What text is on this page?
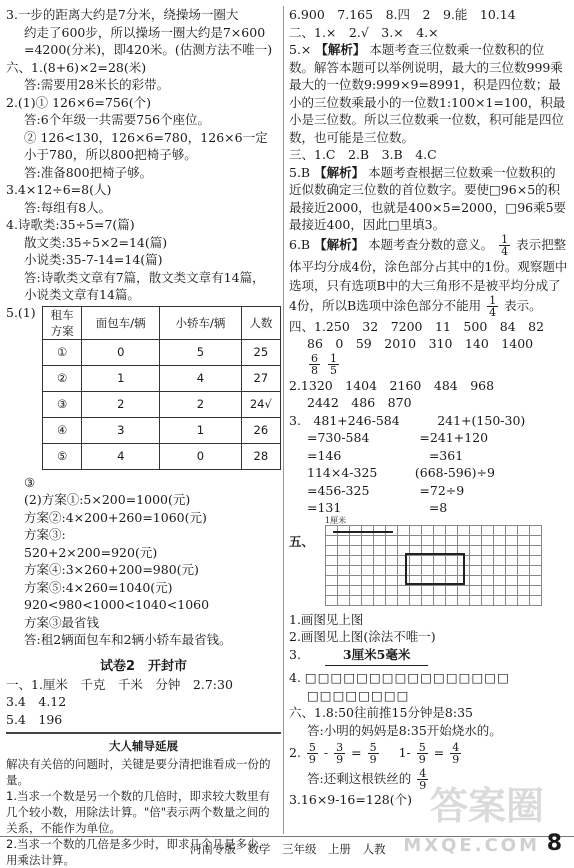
3.一步的距离大约是7分米，绕操场一圈大
约走了600步，所以操场一圈大约是7×600
=4200(分米)，即420米。(估测方法不唯一)
六、1.(8+6)×2=28(米)
答:需要用28米长的彩带。
2.(1)① 126×6=756(个)
答:6个年级一共需要756个座位。
② 126<130，126×6=780，126×6一定
小于780，所以800把椅子够。
答:准备800把椅子够。
3.4×12÷6=8(人)
答:每组有8人。
4.诗歌类:35÷5=7(篇)
散文类:35÷5×2=14(篇)
小说类:35-7-14=14(篇)
答:诗歌类文章有7篇，散文类文章有14篇，
小说类文章有14篇。
5.(1)	租车方案	面包车/辆	小轿车/辆	人数
①	0	5	25
②	1	4	27
③	2	2	24√
④	3	1	26
⑤	4	0	28
③
(2)方案①:5×200=1000(元)
方案②:4×200+260=1060(元)
方案③:
520+2×200=920(元)
方案④:3×260+200=980(元)
方案⑤:4×260=1040(元)
920<980<1000<1040<1060
方案③最省钱
答:租2辆面包车和2辆小轿车最省钱。
试卷2　开封市
一、1.厘米　千克　千米　分钟　2.7:30
3.4　4.12
5.4　196
大人辅导延展
解决有关倍的问题时，关键是要分清把谁看成一份的量。
1.当求一个数是另一个数的几倍时，即求较大数里有几个较小数，用除法计算。"倍"表示两个数量之间的关系，不能作为单位。
2.当求一个数的几倍是多少时，即求几个几是多少，用乘法计算。
6.900　7.165　8.四　2　9.能　10.14
二、1.×　2.√　3.×　4.×
5.× 【解析】 本题考查三位数乘一位数积的位数。解答本题可以举例说明，最大的三位数999乘最大的一位数9:999×9=8991，积是四位数；最小的三位数乘最小的一位数1:100×1=100，积最小是三位数。所以三位数乘一位数，积可能是四位数，也可能是三位数。
三、1.C　2.B　3.B　4.C
5.B 【解析】 本题考查根据三位数乘一位数积的近似数确定三位数的首位数字。要使□96×5的积最接近2000，也就是400×5=2000，□96乘5要最接近400，因此□里填3。
6.B 【解析】 本题考查分数的意义。 $\frac{1}{4}$ 表示把整体平均分成4份，涂色部分占其中的1份。观察题中选项，只有选项B中的大三角形不是被平均分成了4份，所以B选项中涂色部分不能用 $\frac{1}{4}$ 表示。
四、1.250　32　7200　11　500　84　82
86　0　59　2010　310　140　1400
$\frac{6}{8}$
$\frac{1}{5}$
2.1320　1404　2160　484　968
2442　486　870
3.　481+246-584　　　241+(150-30)
=730-584　　　　=241+120
=146　　　　　　　=361
114×4-325　　　(668-596)÷9
=456-325　　　　=72÷9
=131　　　　　　　=8
五、
1厘米
1.画图见上图
2.画图见上图(涂法不唯一)
3.	3厘米5毫米
4. □□□□□□□□□□□□□□□□
□□□□□□□□
六、1.8:50往前推15分钟是8:35
答:小明的妈妈是8:35开始烧水的。
2. $\frac{5}{9} - \frac{3}{9} = \frac{5}{9} 1- \frac{5}{9} = \frac{4}{9}$
答:还剩这根铁丝的 $\frac{4}{9}$
3.16×9-16=128(个) 答案圈
MXQE.COM
河南专版　数学　三年级　上册　人教	8
